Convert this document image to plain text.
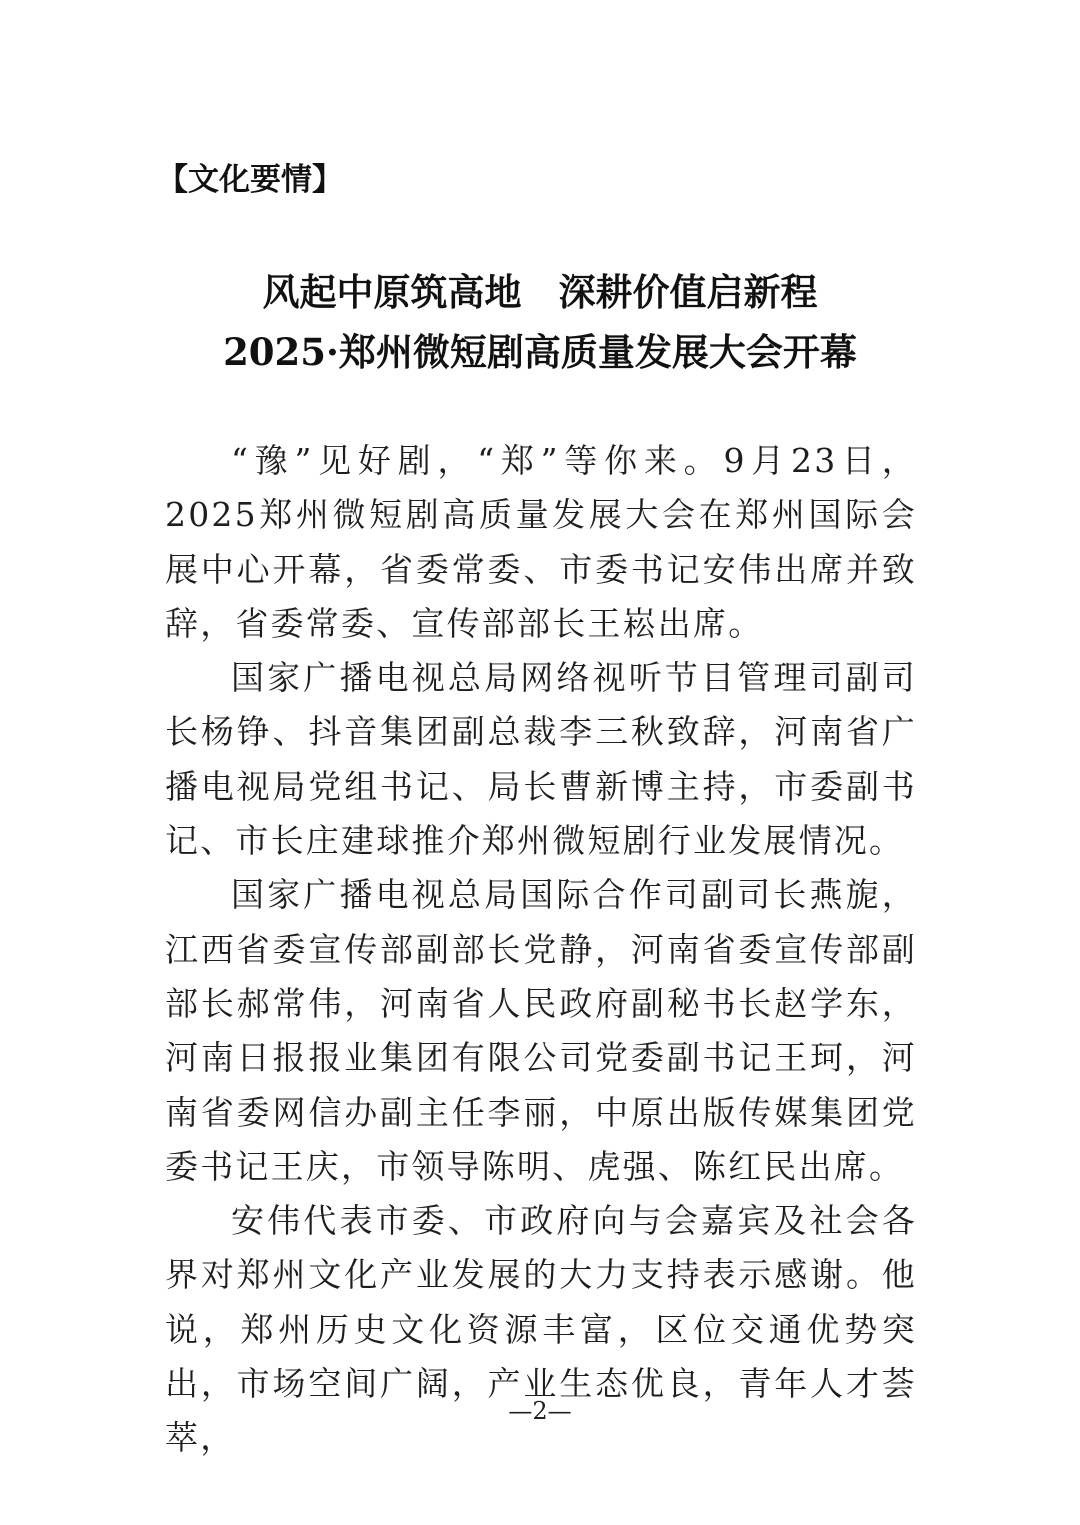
【文化要情】
风起中原筑高地　深耕价值启新程
2025·郑州微短剧高质量发展大会开幕

“豫”见好剧，“郑”等你来。9月23日，2025郑州微短剧高质量发展大会在郑州国际会展中心开幕，省委常委、市委书记安伟出席并致辞，省委常委、宣传部部长王崧出席。

国家广播电视总局网络视听节目管理司副司长杨铮、抖音集团副总裁李三秋致辞，河南省广播电视局党组书记、局长曹新博主持，市委副书记、市长庄建球推介郑州微短剧行业发展情况。

国家广播电视总局国际合作司副司长燕旎，江西省委宣传部副部长党静，河南省委宣传部副部长郝常伟，河南省人民政府副秘书长赵学东，河南日报报业集团有限公司党委副书记王珂，河南省委网信办副主任李丽，中原出版传媒集团党委书记王庆，市领导陈明、虎强、陈红民出席。

安伟代表市委、市政府向与会嘉宾及社会各界对郑州文化产业发展的大力支持表示感谢。他说，郑州历史文化资源丰富，区位交通优势突出，市场空间广阔，产业生态优良，青年人才荟萃，

—2—
